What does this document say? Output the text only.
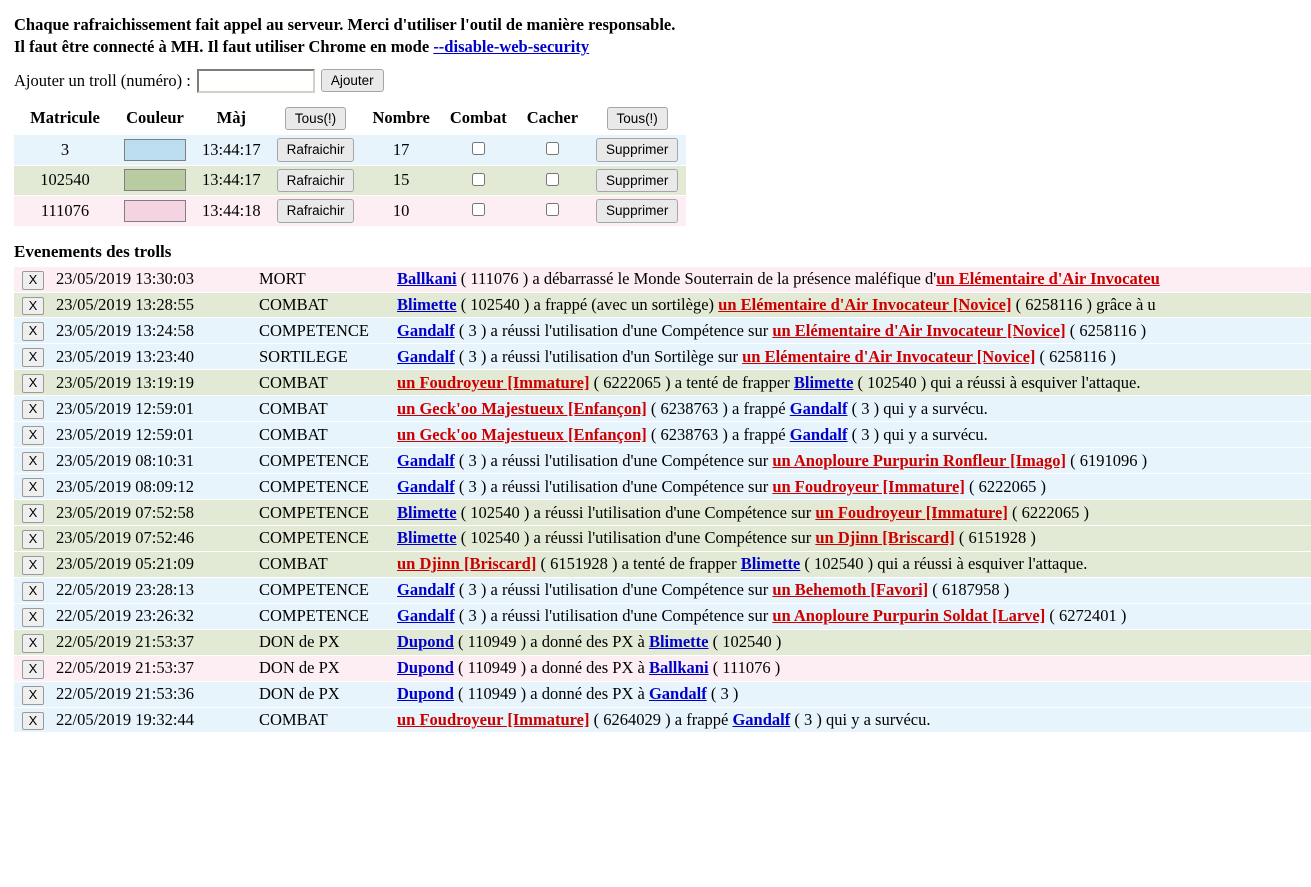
Chaque rafraichissement fait appel au serveur. Merci d'utiliser l'outil de manière responsable.
Il faut être connecté à MH. Il faut utiliser Chrome en mode --disable-web-security
Ajouter un troll (numéro) :	Ajouter
Matricule	Couleur	Màj	Tous(!)	Nombre	Combat	Cacher	Tous(!)
3		13:44:17	Rafraichir	17			Supprimer
102540		13:44:17	Rafraichir	15			Supprimer
111076		13:44:18	Rafraichir	10			Supprimer
Evenements des trolls
X	23/05/2019 13:30:03	MORT	Ballkani ( 111076 ) a débarrassé le Monde Souterrain de la présence maléfique d'un Elémentaire d'Air Invocateu
X	23/05/2019 13:28:55	COMBAT	Blimette ( 102540 ) a frappé (avec un sortilège) un Elémentaire d'Air Invocateur [Novice] ( 6258116 ) grâce à u
X	23/05/2019 13:24:58	COMPETENCE	Gandalf ( 3 ) a réussi l'utilisation d'une Compétence sur un Elémentaire d'Air Invocateur [Novice] ( 6258116 )
X	23/05/2019 13:23:40	SORTILEGE	Gandalf ( 3 ) a réussi l'utilisation d'un Sortilège sur un Elémentaire d'Air Invocateur [Novice] ( 6258116 )
X	23/05/2019 13:19:19	COMBAT	un Foudroyeur [Immature] ( 6222065 ) a tenté de frapper Blimette ( 102540 ) qui a réussi à esquiver l'attaque.
X	23/05/2019 12:59:01	COMBAT	un Geck'oo Majestueux [Enfançon] ( 6238763 ) a frappé Gandalf ( 3 ) qui y a survécu.
X	23/05/2019 12:59:01	COMBAT	un Geck'oo Majestueux [Enfançon] ( 6238763 ) a frappé Gandalf ( 3 ) qui y a survécu.
X	23/05/2019 08:10:31	COMPETENCE	Gandalf ( 3 ) a réussi l'utilisation d'une Compétence sur un Anoploure Purpurin Ronfleur [Imago] ( 6191096 )
X	23/05/2019 08:09:12	COMPETENCE	Gandalf ( 3 ) a réussi l'utilisation d'une Compétence sur un Foudroyeur [Immature] ( 6222065 )
X	23/05/2019 07:52:58	COMPETENCE	Blimette ( 102540 ) a réussi l'utilisation d'une Compétence sur un Foudroyeur [Immature] ( 6222065 )
X	23/05/2019 07:52:46	COMPETENCE	Blimette ( 102540 ) a réussi l'utilisation d'une Compétence sur un Djinn [Briscard] ( 6151928 )
X	23/05/2019 05:21:09	COMBAT	un Djinn [Briscard] ( 6151928 ) a tenté de frapper Blimette ( 102540 ) qui a réussi à esquiver l'attaque.
X	22/05/2019 23:28:13	COMPETENCE	Gandalf ( 3 ) a réussi l'utilisation d'une Compétence sur un Behemoth [Favori] ( 6187958 )
X	22/05/2019 23:26:32	COMPETENCE	Gandalf ( 3 ) a réussi l'utilisation d'une Compétence sur un Anoploure Purpurin Soldat [Larve] ( 6272401 )
X	22/05/2019 21:53:37	DON de PX	Dupond ( 110949 ) a donné des PX à Blimette ( 102540 )
X	22/05/2019 21:53:37	DON de PX	Dupond ( 110949 ) a donné des PX à Ballkani ( 111076 )
X	22/05/2019 21:53:36	DON de PX	Dupond ( 110949 ) a donné des PX à Gandalf ( 3 )
X	22/05/2019 19:32:44	COMBAT	un Foudroyeur [Immature] ( 6264029 ) a frappé Gandalf ( 3 ) qui y a survécu.
